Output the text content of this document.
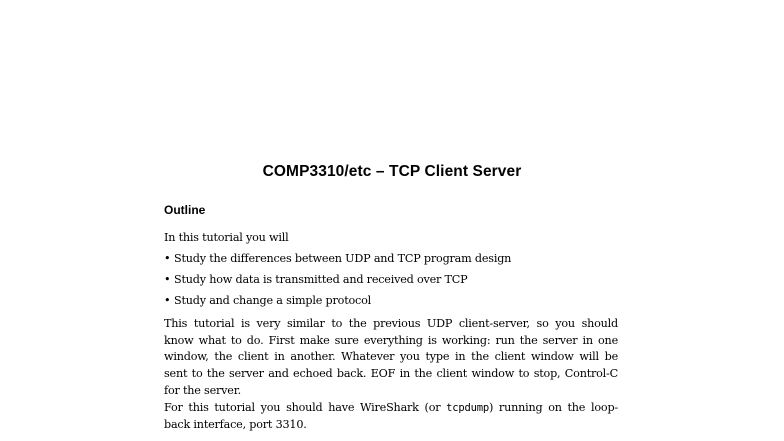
COMP3310/etc – TCP Client Server
Outline
In this tutorial you will
• Study the differences between UDP and TCP program design
• Study how data is transmitted and received over TCP
• Study and change a simple protocol
This tutorial is very similar to the previous UDP client-server, so you should
know what to do. First make sure everything is working: run the server in one
window, the client in another. Whatever you type in the client window will be
sent to the server and echoed back. EOF in the client window to stop, Control-C
for the server.
For this tutorial you should have WireShark (or tcpdump) running on the loop-
back interface, port 3310.
